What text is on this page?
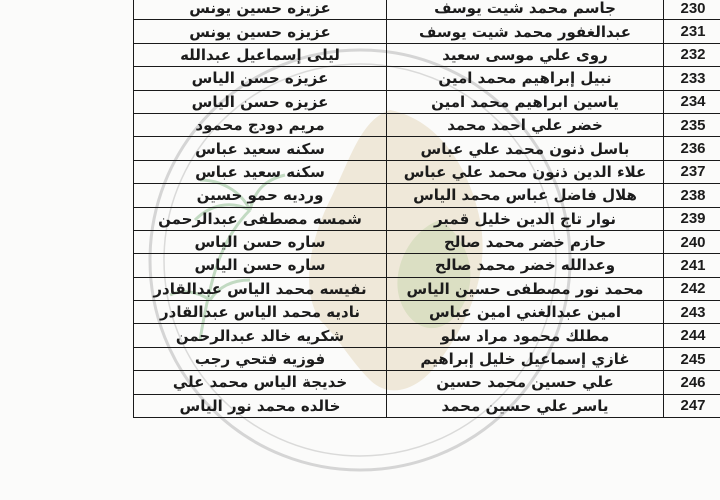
عزيزه حسين يونس	جاسم محمد شيت يوسف	230
عزيزه حسين يونس	عبدالغفور محمد شيت يوسف	231
ليلى إسماعيل عبدالله	روى علي موسى سعيد	232
عزيزه حسن الياس	نبيل إبراهيم محمد امين	233
عزيزه حسن الياس	ياسين ابراهيم محمد امين	234
مريم دودج محمود	خضر علي احمد محمد	235
سكنه سعيد عباس	باسل ذنون محمد علي عباس	236
سكنه سعيد عباس	علاء الدين ذنون محمد علي عباس	237
ورديه حمو حسين	هلال فاضل عباس محمد الياس	238
شمسه مصطفى عبدالرحمن	نوار تاج الدين خليل قمبر	239
ساره حسن الياس	حازم خضر محمد صالح	240
ساره حسن الياس	وعدالله خضر محمد صالح	241
نفيسه محمد الياس عبدالقادر	محمد نور مصطفى حسين الياس	242
ناديه محمد الياس عبدالقادر	امين عبدالغني امين عباس	243
شكريه خالد عبدالرحمن	مطلك محمود مراد سلو	244
فوزيه فتحي رجب	غازي إسماعيل خليل إبراهيم	245
خديجة الياس محمد علي	علي حسين محمد حسين	246
خالده محمد نور الياس	ياسر علي حسين محمد	247
